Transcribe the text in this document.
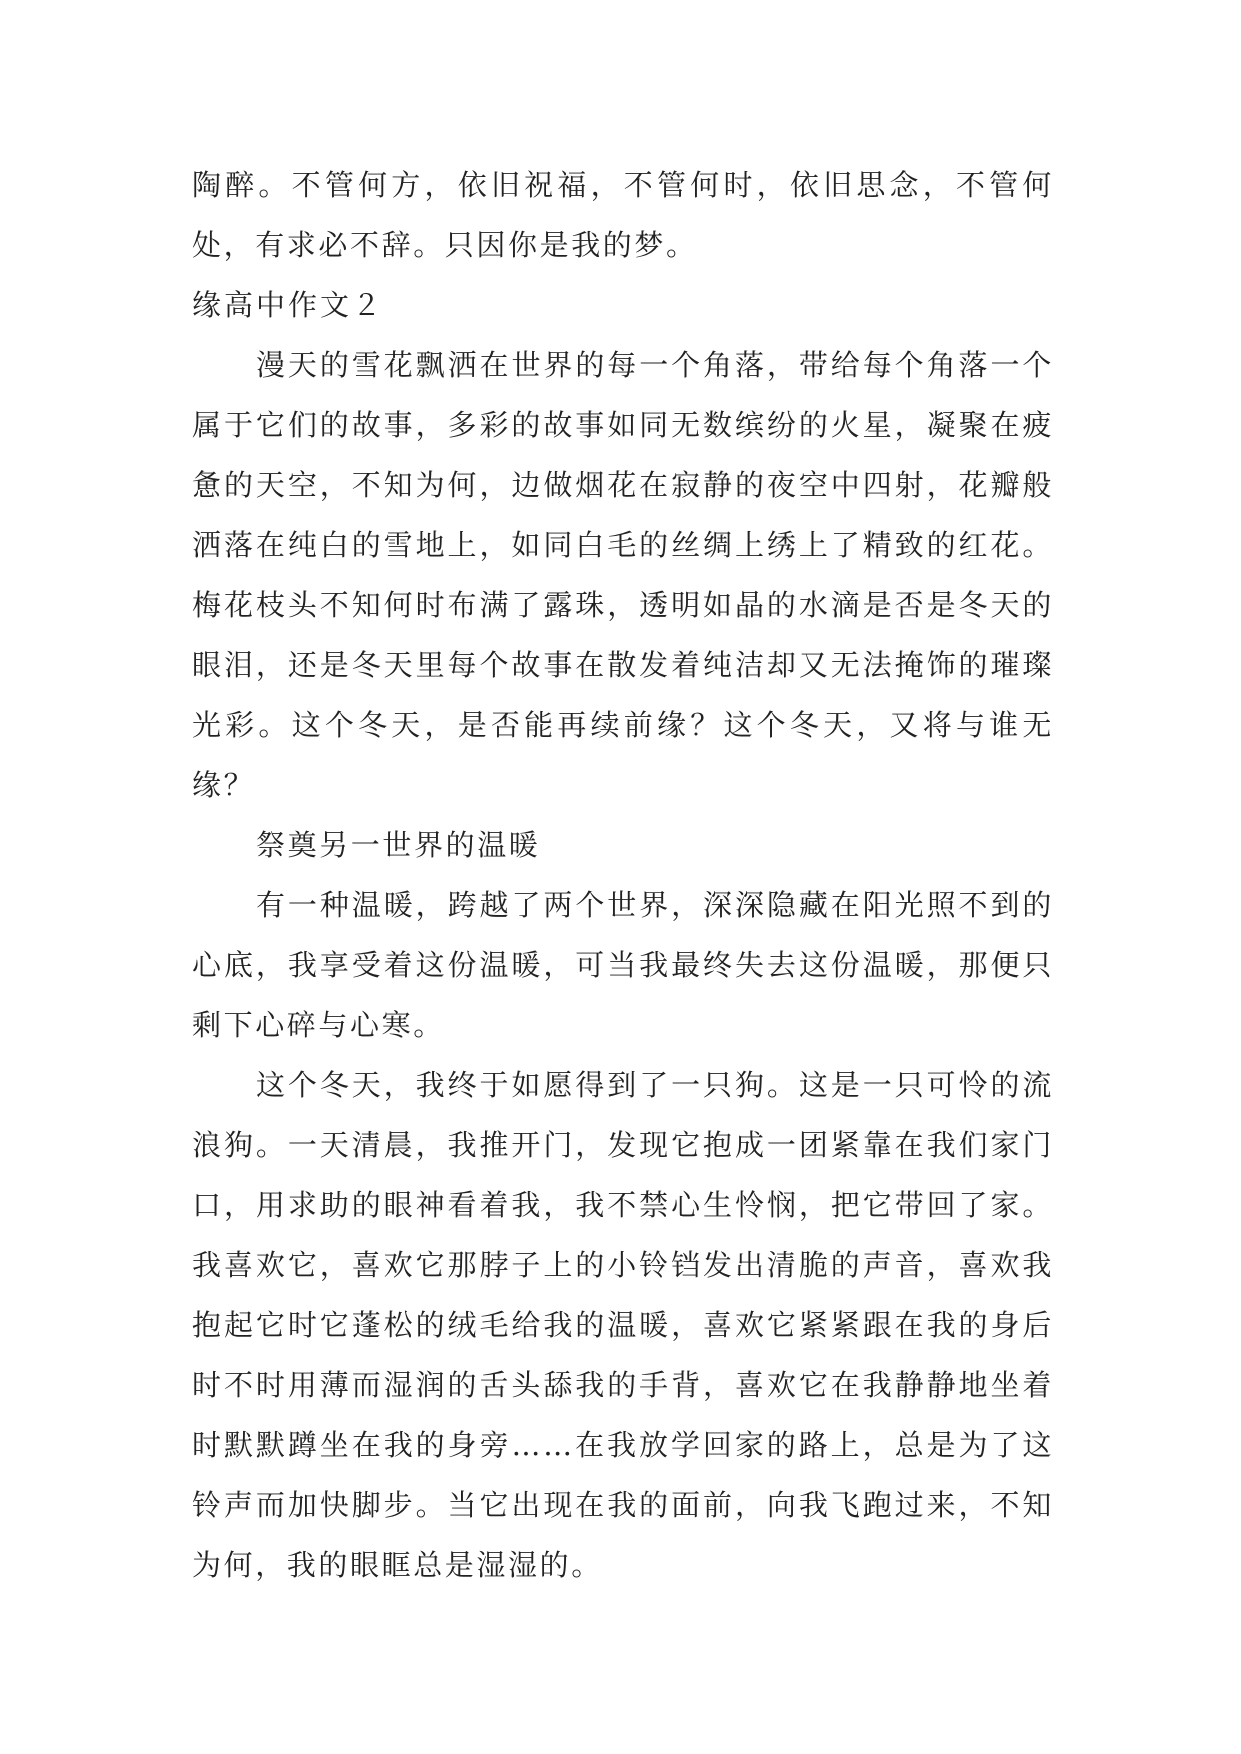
陶醉。不管何方，依旧祝福，不管何时，依旧思念，不管何处，有求必不辞。只因你是我的梦。

缘高中作文２

漫天的雪花飘洒在世界的每一个角落，带给每个角落一个属于它们的故事，多彩的故事如同无数缤纷的火星，凝聚在疲惫的天空，不知为何，边做烟花在寂静的夜空中四射，花瓣般洒落在纯白的雪地上，如同白毛的丝绸上绣上了精致的红花。梅花枝头不知何时布满了露珠，透明如晶的水滴是否是冬天的眼泪，还是冬天里每个故事在散发着纯洁却又无法掩饰的璀璨光彩。这个冬天，是否能再续前缘？这个冬天，又将与谁无缘？

祭奠另一世界的温暖

有一种温暖，跨越了两个世界，深深隐藏在阳光照不到的心底，我享受着这份温暖，可当我最终失去这份温暖，那便只剩下心碎与心寒。

这个冬天，我终于如愿得到了一只狗。这是一只可怜的流浪狗。一天清晨，我推开门，发现它抱成一团紧靠在我们家门口，用求助的眼神看着我，我不禁心生怜悯，把它带回了家。我喜欢它，喜欢它那脖子上的小铃铛发出清脆的声音，喜欢我抱起它时它蓬松的绒毛给我的温暖，喜欢它紧紧跟在我的身后时不时用薄而湿润的舌头舔我的手背，喜欢它在我静静地坐着时默默蹲坐在我的身旁……在我放学回家的路上，总是为了这铃声而加快脚步。当它出现在我的面前，向我飞跑过来，不知为何，我的眼眶总是湿湿的。
